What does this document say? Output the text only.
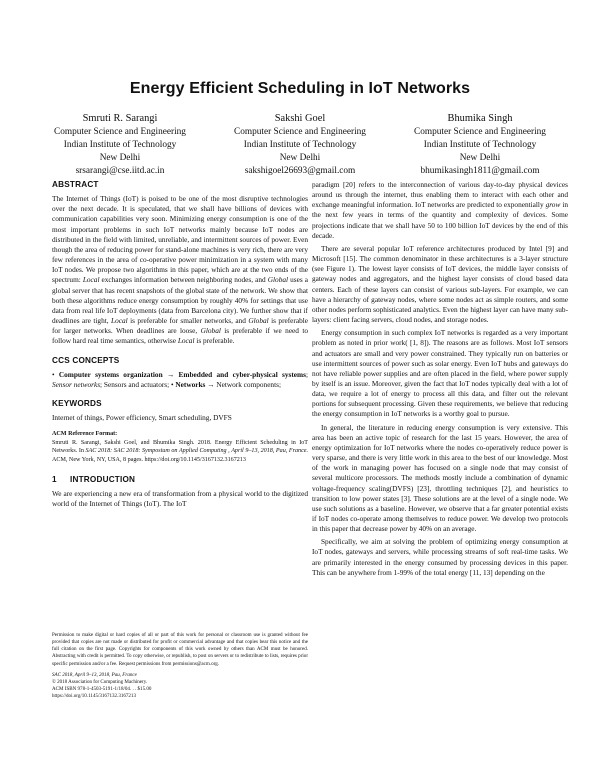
Energy Efficient Scheduling in IoT Networks
Smruti R. Sarangi
Computer Science and Engineering
Indian Institute of Technology
New Delhi
srsarangi@cse.iitd.ac.in
Sakshi Goel
Computer Science and Engineering
Indian Institute of Technology
New Delhi
sakshigoel26693@gmail.com
Bhumika Singh
Computer Science and Engineering
Indian Institute of Technology
New Delhi
bhumikasingh1811@gmail.com
ABSTRACT

The Internet of Things (IoT) is poised to be one of the most disruptive technologies over the next decade. It is speculated, that we shall have billions of devices with communication capabilities very soon. Minimizing energy consumption is one of the most important problems in such IoT networks mainly because IoT nodes are distributed in the field with limited, unreliable, and intermittent sources of power. Even though the area of reducing power for stand-alone machines is very rich, there are very few references in the area of co-operative power minimization in a system with many IoT nodes. We propose two algorithms in this paper, which are at the two ends of the spectrum: Local exchanges information between neighboring nodes, and Global uses a global server that has recent snapshots of the global state of the network. We show that both these algorithms reduce energy consumption by roughly 40% for settings that use data from real life IoT deployments (data from Barcelona city). We further show that if deadlines are tight, Local is preferable for smaller networks, and Global is preferable for larger networks. When deadlines are loose, Global is preferable if we need to follow hard real time semantics, otherwise Local is preferable.

CCS CONCEPTS

• Computer systems organization → Embedded and cyber-physical systems; Sensor networks; Sensors and actuators; • Networks → Network components;

KEYWORDS

Internet of things, Power efficiency, Smart scheduling, DVFS

ACM Reference Format:
Smruti R. Sarangi, Sakshi Goel, and Bhumika Singh. 2018. Energy Efficient Scheduling in IoT Networks. In SAC 2018: SAC 2018: Symposium on Applied Computing , April 9–13, 2018, Pau, France. ACM, New York, NY, USA, 8 pages. https://doi.org/10.1145/3167132.3167213
1 INTRODUCTION

We are experiencing a new era of transformation from a physical world to the digitized world of the Internet of Things (IoT). The IoT

Permission to make digital or hard copies of all or part of this work for personal or classroom use is granted without fee provided that copies are not made or distributed for profit or commercial advantage and that copies bear this notice and the full citation on the first page. Copyrights for components of this work owned by others than ACM must be honored. Abstracting with credit is permitted. To copy otherwise, or republish, to post on servers or to redistribute to lists, requires prior specific permission and/or a fee. Request permissions from permissions@acm.org.

SAC 2018, April 9–13, 2018, Pau, France

© 2018 Association for Computing Machinery.

ACM ISBN 978-1-4503-5191-1/18/04. . . $15.00

https://doi.org/10.1145/3167132.3167213

paradigm [20] refers to the interconnection of various day-to-day physical devices around us through the internet, thus enabling them to interact with each other and exchange meaningful information. IoT networks are predicted to exponentially grow in the next few years in terms of the quantity and complexity of devices. Some projections indicate that we shall have 50 to 100 billion IoT devices by the end of this decade.

There are several popular IoT reference architectures produced by Intel [9] and Microsoft [15]. The common denominator in these architectures is a 3-layer structure (see Figure 1). The lowest layer consists of IoT devices, the middle layer consists of gateway nodes and aggregators, and the highest layer consists of cloud based data centers. Each of these layers can consist of various sub-layers. For example, we can have a hierarchy of gateway nodes, where some nodes act as simple routers, and some other nodes perform sophisticated analytics. Even the highest layer can have many sub-layers: client facing servers, cloud nodes, and storage nodes.

Energy consumption in such complex IoT networks is regarded as a very important problem as noted in prior work( [1, 8]). The reasons are as follows. Most IoT sensors and actuators are small and very power constrained. They typically run on batteries or use intermittent sources of power such as solar energy. Even IoT hubs and gateways do not have reliable power supplies and are often placed in the field, where power supply by itself is an issue. Moreover, given the fact that IoT nodes typically deal with a lot of data, we require a lot of energy to process all this data, and filter out the relevant portions for subsequent processing. Given these requirements, we believe that reducing the energy consumption in IoT networks is a worthy goal to pursue.

In general, the literature in reducing energy consumption is very extensive. This area has been an active topic of research for the last 15 years. However, the area of energy optimization for IoT networks where the nodes co-operatively reduce power is very sparse, and there is very little work in this area to the best of our knowledge. Most of the work in managing power has focused on a single node that may consist of several multicore processors. The methods mostly include a combination of dynamic voltage-frequency scaling(DVFS) [23], throttling techniques [2], and heuristics to transition to low power states [3]. These solutions are at the level of a single node. We use such solutions as a baseline. However, we observe that a far greater potential exists if IoT nodes co-operate among themselves to reduce power. We develop two protocols in this paper that decrease power by 40% on an average.

Specifically, we aim at solving the problem of optimizing energy consumption at IoT nodes, gateways and servers, while processing streams of soft real-time tasks. We are primarily interested in the energy consumed by processing devices in this paper. This can be anywhere from 1-99% of the total energy [11, 13] depending on the
